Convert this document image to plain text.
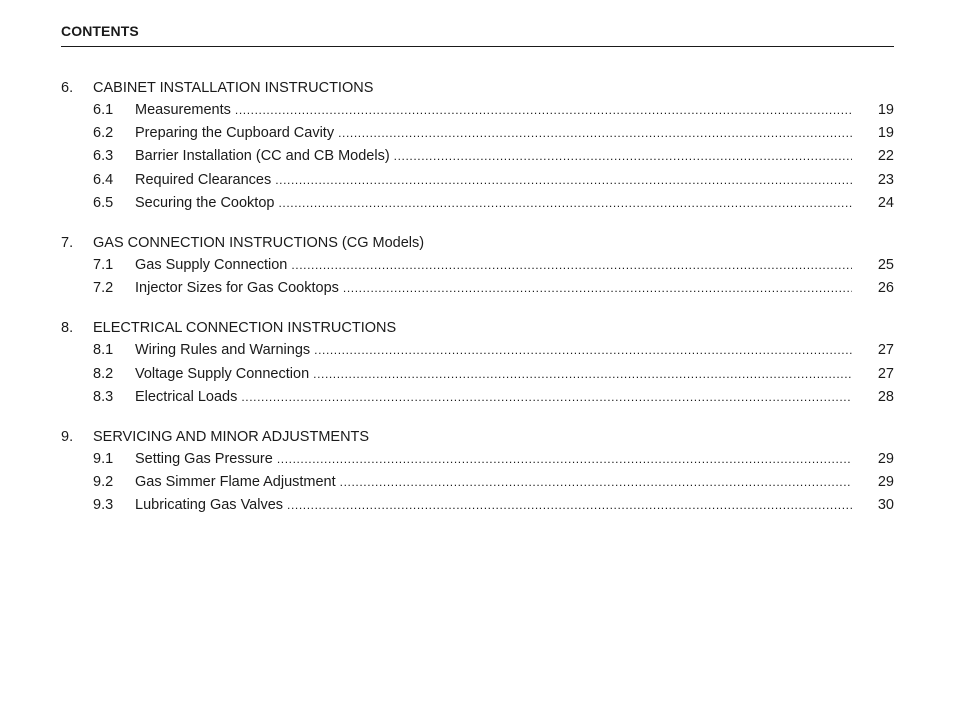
CONTENTS
6.	CABINET INSTALLATION INSTRUCTIONS
6.1	Measurements .....	19
6.2	Preparing the Cupboard Cavity .....	19
6.3	Barrier Installation (CC and CB Models) .....	22
6.4	Required Clearances .....	23
6.5	Securing the Cooktop .....	24
7.	GAS CONNECTION INSTRUCTIONS (CG Models)
7.1	Gas Supply Connection .....	25
7.2	Injector Sizes for Gas Cooktops .....	26
8.	ELECTRICAL CONNECTION INSTRUCTIONS
8.1	Wiring Rules and Warnings .....	27
8.2	Voltage Supply Connection .....	27
8.3	Electrical Loads .....	28
9.	SERVICING AND MINOR ADJUSTMENTS
9.1	Setting Gas Pressure .....	29
9.2	Gas Simmer Flame Adjustment .....	29
9.3	Lubricating Gas Valves .....	30
